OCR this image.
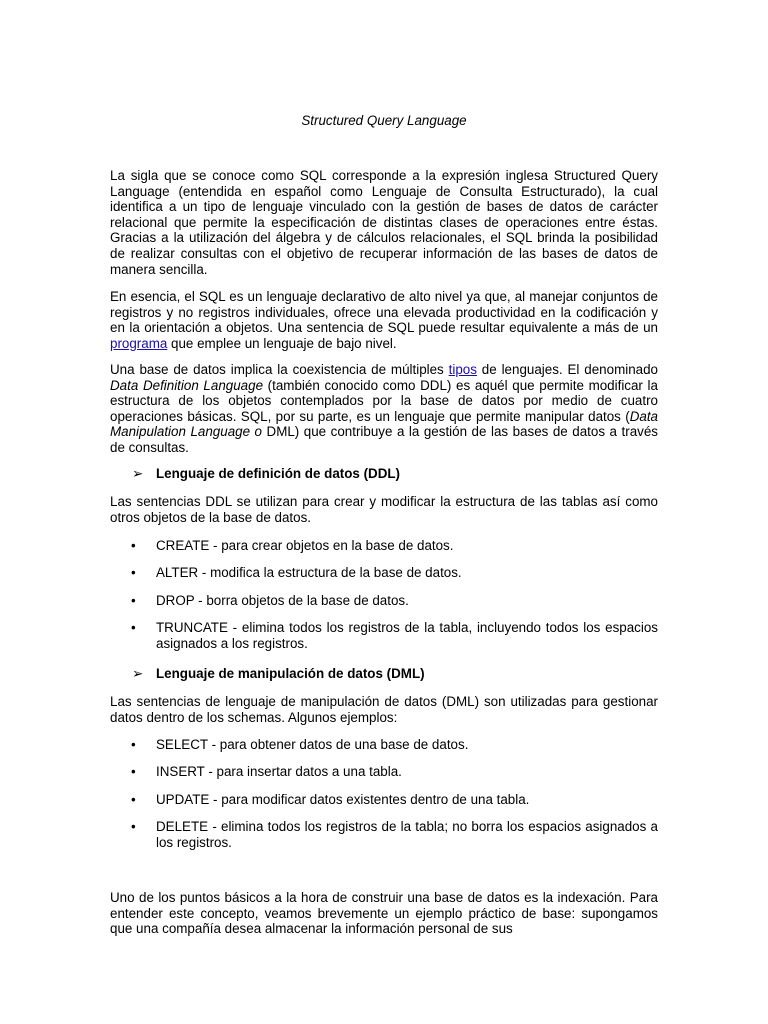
Structured Query Language

La sigla que se conoce como SQL corresponde a la expresión inglesa Structured Query Language (entendida en español como Lenguaje de Consulta Estructurado), la cual identifica a un tipo de lenguaje vinculado con la gestión de bases de datos de carácter relacional que permite la especificación de distintas clases de operaciones entre éstas. Gracias a la utilización del álgebra y de cálculos relacionales, el SQL brinda la posibilidad de realizar consultas con el objetivo de recuperar información de las bases de datos de manera sencilla.

En esencia, el SQL es un lenguaje declarativo de alto nivel ya que, al manejar conjuntos de registros y no registros individuales, ofrece una elevada productividad en la codificación y en la orientación a objetos. Una sentencia de SQL puede resultar equivalente a más de un programa que emplee un lenguaje de bajo nivel.

Una base de datos implica la coexistencia de múltiples tipos de lenguajes. El denominado Data Definition Language (también conocido como DDL) es aquél que permite modificar la estructura de los objetos contemplados por la base de datos por medio de cuatro operaciones básicas. SQL, por su parte, es un lenguaje que permite manipular datos (Data Manipulation Language o DML) que contribuye a la gestión de las bases de datos a través de consultas.

➢ Lenguaje de definición de datos (DDL)

Las sentencias DDL se utilizan para crear y modificar la estructura de las tablas así como otros objetos de la base de datos.

• CREATE - para crear objetos en la base de datos.
• ALTER - modifica la estructura de la base de datos.
• DROP - borra objetos de la base de datos.
• TRUNCATE - elimina todos los registros de la tabla, incluyendo todos los espacios asignados a los registros.
➢ Lenguaje de manipulación de datos (DML)

Las sentencias de lenguaje de manipulación de datos (DML) son utilizadas para gestionar datos dentro de los schemas. Algunos ejemplos:

• SELECT - para obtener datos de una base de datos.
• INSERT - para insertar datos a una tabla.
• UPDATE - para modificar datos existentes dentro de una tabla.
• DELETE - elimina todos los registros de la tabla; no borra los espacios asignados a los registros.

Uno de los puntos básicos a la hora de construir una base de datos es la indexación. Para entender este concepto, veamos brevemente un ejemplo práctico de base: supongamos que una compañía desea almacenar la información personal de sus
